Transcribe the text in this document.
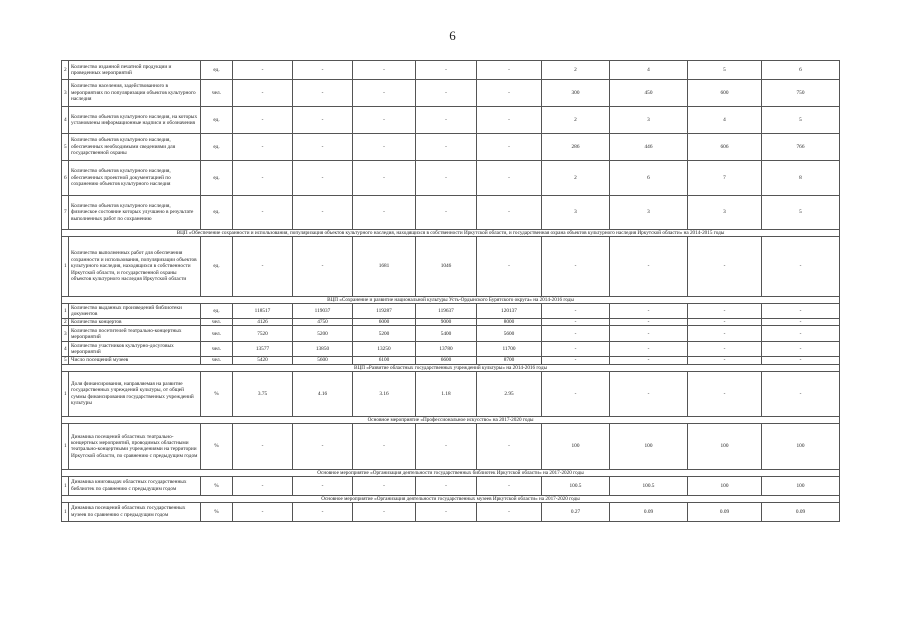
6
2	Количество изданной печатной продукции и проведенных мероприятий	ед.	-	-	-	-	-	2	4	5	6
3	Количество населения, задействованного в мероприятиях по популяризации объектов культурного наследия	чел.	-	-	-	-	-	300	450	600	750
4	Количество объектов культурного наследия, на которых установлены информационные надписи и обозначения	ед.	-	-	-	-	-	2	3	4	5
5	Количество объектов культурного наследия, обеспеченных необходимыми сведениями для государственной охраны	ед.	-	-	-	-	-	286	446	606	766
6	Количество объектов культурного наследия, обеспеченных проектной документацией по сохранению объектов культурного наследия	ед.	-	-	-	-	-	2	6	7	8
7	Количество объектов культурного наследия, физическое состояние которых улучшено в результате выполненных работ по сохранению	ед.	-	-	-	-	-	3	3	3	5
ВЦП «Обеспечение сохранности и использования, популяризация объектов культурного наследия, находящихся в собственности Иркутской области, и государственная охрана объектов культурного наследия Иркутской области» на 2014-2015 годы											
1	Количество выполненных работ для обеспечения сохранности и использования, популяризации объектов культурного наследия, находящихся в собственности Иркутской области, и государственной охраны объектов культурного наследия Иркутской области	ед.	-	-	1681	1046	-	-	-	-	-
ВЦП «Сохранение и развитие национальной культуры Усть-Ордынского Бурятского округа» на 2014-2016 годы											
1	Количество выданных произведений библиотеки документов	ед.	118517	119037	119287	119637	120137	-	-	-	-
2	Количество концертов	чел.	4126	4750	6000	9000	8000	-	-	-	-
3	Количество посетителей театрально-концертных мероприятий	чел.	7520	5200	5200	5400	5600	-	-	-	-
4	Количество участников культурно-досуговых мероприятий	чел.	13577	13850	13250	13780	11700	-	-	-	-
5	Число посещений музеев	чел.	5420	5600	6100	6600	8700	-	-	-	-
ВЦП «Развитие областных государственных учреждений культуры» на 2014-2016 годы											
1	Доля финансирования, направляемая на развитие государственных учреждений культуры, от общей суммы финансирования государственных учреждений культуры	%	3.75	4.16	3.16	1.18	2.95	-	-	-	-
Основное мероприятие «Профессиональное искусство» на 2017-2020 годы											
1	Динамика посещений областных театрально-концертных мероприятий, проводимых областными театрально-концертными учреждениями на территории Иркутской области, по сравнению с предыдущим годом	%	-	-	-	-	-	100	100	100	100
Основное мероприятие «Организация деятельности государственных библиотек Иркутской области» на 2017-2020 годы											
1	Динамика книговыдач областных государственных библиотек по сравнению с предыдущим годом	%	-	-	-	-	-	100.5	100.5	100	100
Основное мероприятие «Организация деятельности государственных музеев Иркутской области» на 2017-2020 годы											
1	Динамика посещений областных государственных музеев по сравнению с предыдущим годом	%	-	-	-	-	-	0.27	0.09	0.09	0.09
